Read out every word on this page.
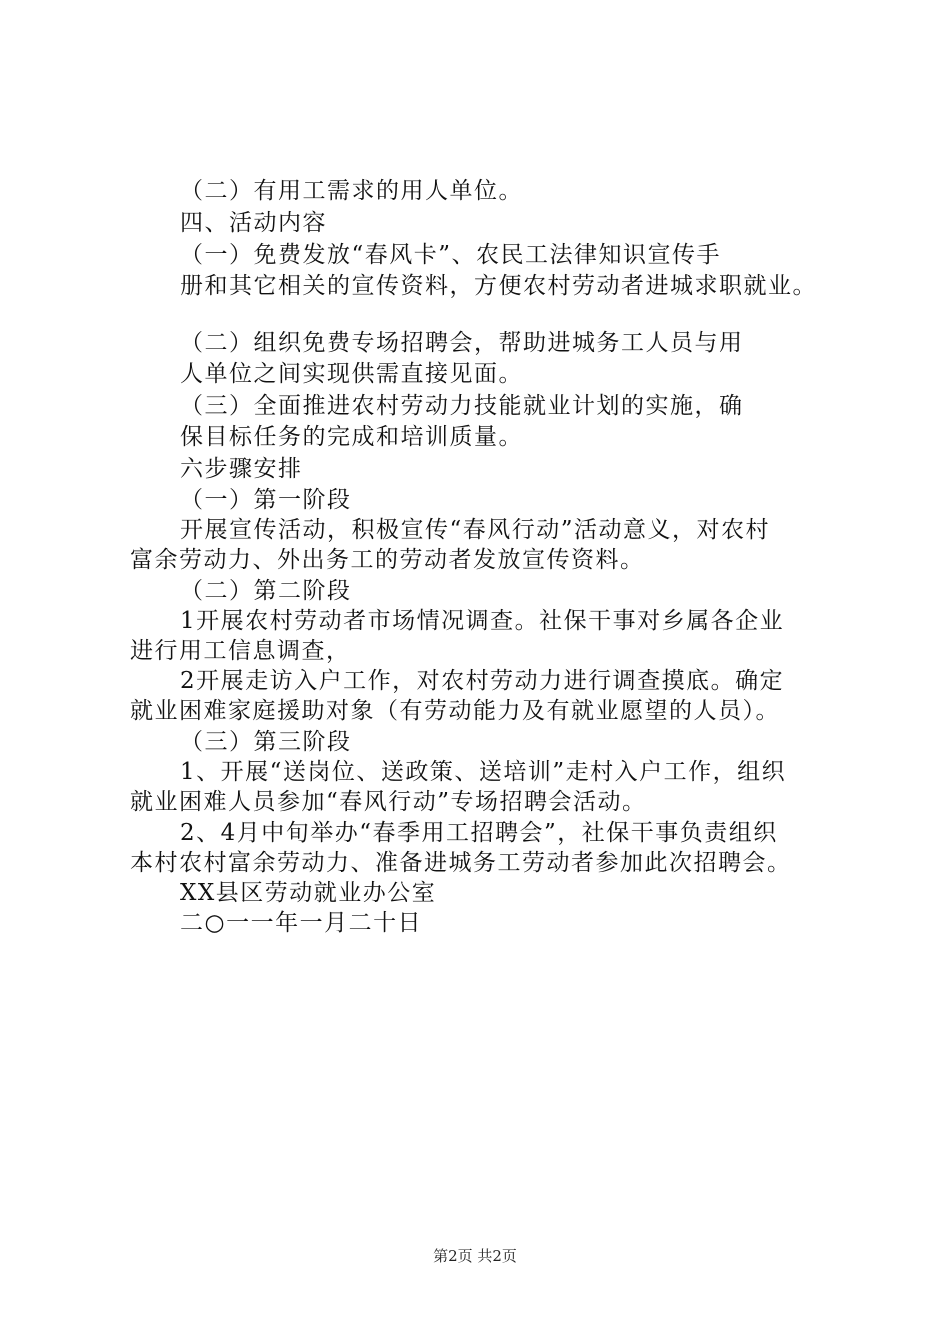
（二）有用工需求的用人单位。
四、活动内容
（一）免费发放“春风卡”、农民工法律知识宣传手
册和其它相关的宣传资料，方便农村劳动者进城求职就业。
（二）组织免费专场招聘会，帮助进城务工人员与用
人单位之间实现供需直接见面。
（三）全面推进农村劳动力技能就业计划的实施，确
保目标任务的完成和培训质量。
六步骤安排
（一）第一阶段
开展宣传活动，积极宣传“春风行动”活动意义，对农村
富余劳动力、外出务工的劳动者发放宣传资料。
（二）第二阶段
1开展农村劳动者市场情况调查。社保干事对乡属各企业
进行用工信息调查，
2开展走访入户工作，对农村劳动力进行调查摸底。确定
就业困难家庭援助对象（有劳动能力及有就业愿望的人员）。
（三）第三阶段
1、开展“送岗位、送政策、送培训”走村入户工作，组织
就业困难人员参加“春风行动”专场招聘会活动。
2、4月中旬举办“春季用工招聘会”，社保干事负责组织
本村农村富余劳动力、准备进城务工劳动者参加此次招聘会。
XX县区劳动就业办公室
二○一一年一月二十日
第2页 共2页
